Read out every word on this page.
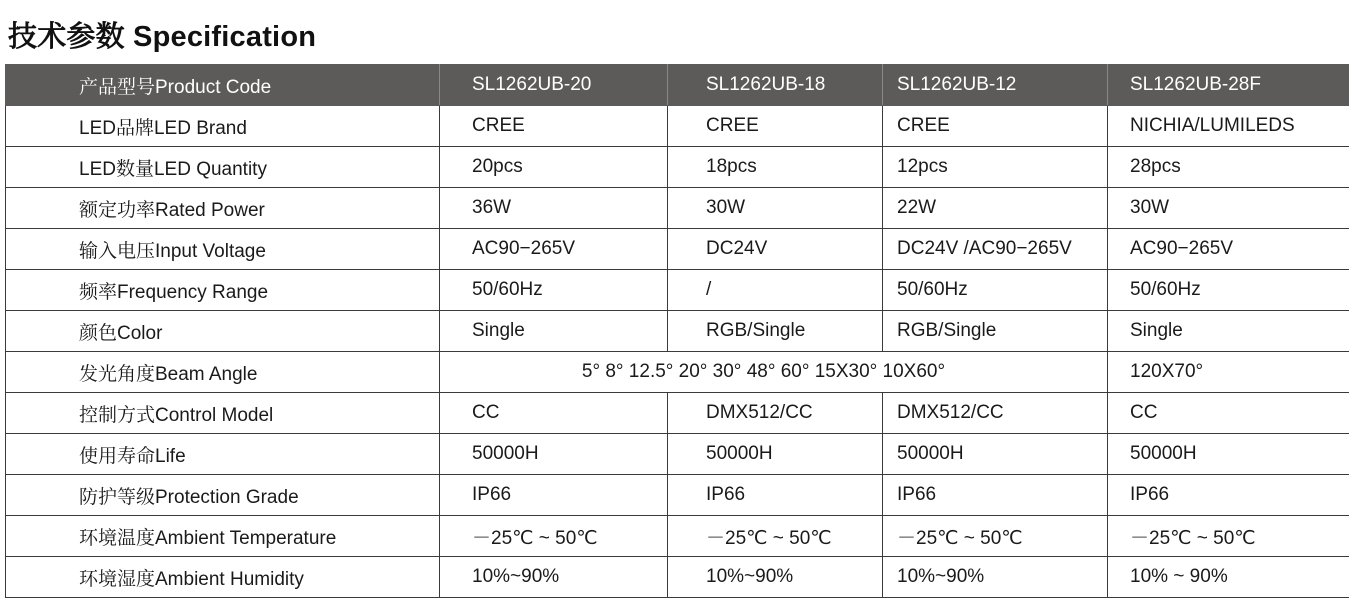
技术参数 Specification
产品型号Product Code	SL1262UB-20	SL1262UB-18	SL1262UB-12	SL1262UB-28F
LED品牌LED Brand	CREE	CREE	CREE	NICHIA/LUMILEDS
LED数量LED Quantity	20pcs	18pcs	12pcs	28pcs
额定功率Rated Power	36W	30W	22W	30W
输入电压Input Voltage	AC90−265V	DC24V	DC24V /AC90−265V	AC90−265V
频率Frequency Range	50/60Hz	/	50/60Hz	50/60Hz
颜色Color	Single	RGB/Single	RGB/Single	Single
发光角度Beam Angle	5° 8° 12.5° 20° 30° 48° 60° 15X30° 10X60°			120X70°
控制方式Control Model	CC	DMX512/CC	DMX512/CC	CC
使用寿命Life	50000H	50000H	50000H	50000H
防护等级Protection Grade	IP66	IP66	IP66	IP66
环境温度Ambient Temperature	－25℃ ~ 50℃	－25℃ ~ 50℃	－25℃ ~ 50℃	－25℃ ~ 50℃
环境湿度Ambient Humidity	10%~90%	10%~90%	10%~90%	10% ~ 90%
